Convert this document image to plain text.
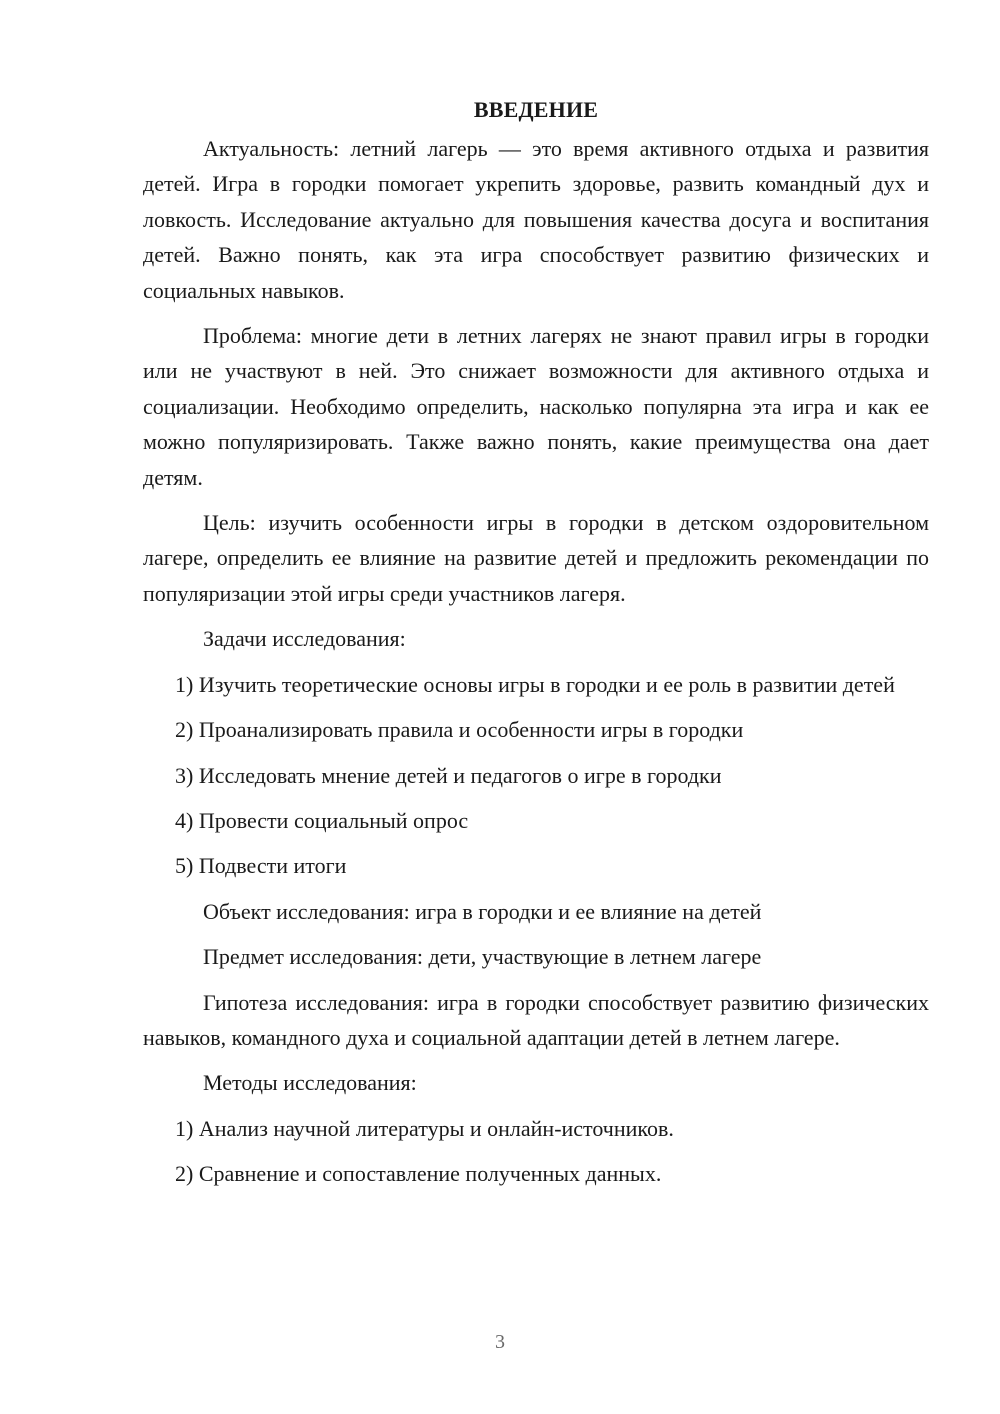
ВВЕДЕНИЕ

Актуальность: летний лагерь — это время активного отдыха и развития детей. Игра в городки помогает укрепить здоровье, развить командный дух и ловкость. Исследование актуально для повышения качества досуга и воспитания детей. Важно понять, как эта игра способствует развитию физических и социальных навыков.

Проблема: многие дети в летних лагерях не знают правил игры в городки или не участвуют в ней. Это снижает возможности для активного отдыха и социализации. Необходимо определить, насколько популярна эта игра и как ее можно популяризировать. Также важно понять, какие преимущества она дает детям.

Цель: изучить особенности игры в городки в детском оздоровительном лагере, определить ее влияние на развитие детей и предложить рекомендации по популяризации этой игры среди участников лагеря.

Задачи исследования:

1) Изучить теоретические основы игры в городки и ее роль в развитии детей

2) Проанализировать правила и особенности игры в городки

3) Исследовать мнение детей и педагогов о игре в городки

4) Провести социальный опрос

5) Подвести итоги

Объект исследования: игра в городки и ее влияние на детей

Предмет исследования: дети, участвующие в летнем лагере

Гипотеза исследования: игра в городки способствует развитию физических навыков, командного духа и социальной адаптации детей в летнем лагере.

Методы исследования:

1) Анализ научной литературы и онлайн-источников.

2) Сравнение и сопоставление полученных данных.

3
